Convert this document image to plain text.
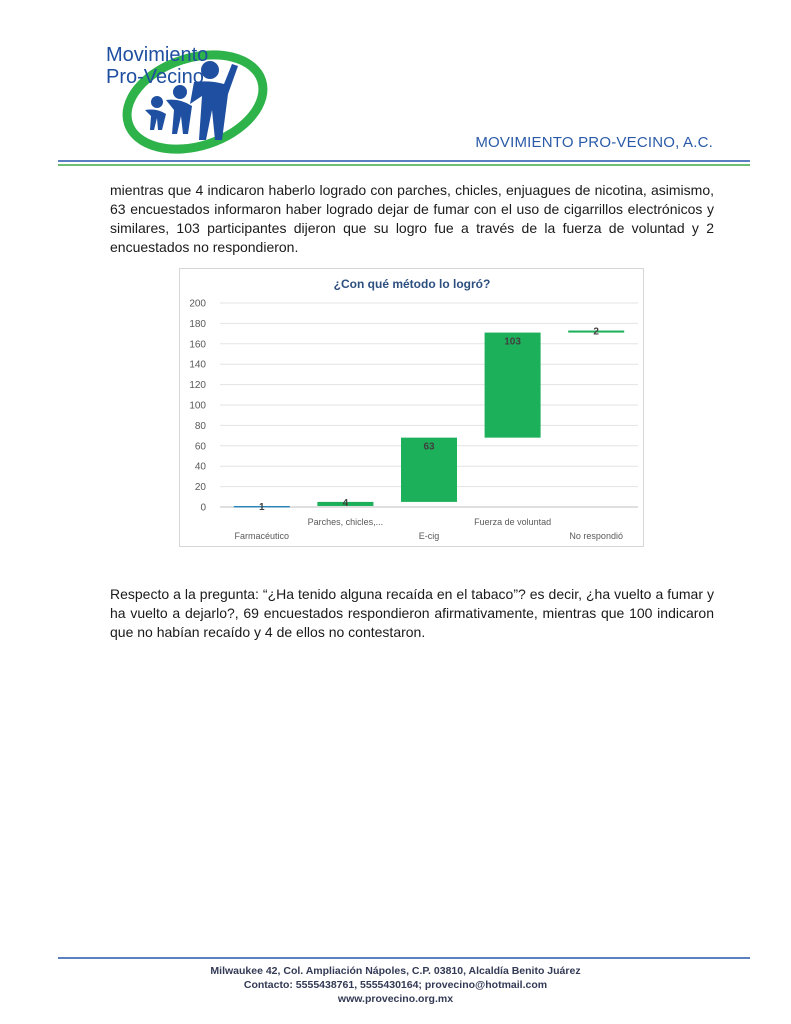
Movimiento
Pro-Vecino
MOVIMIENTO PRO-VECINO, A.C.

mientras que 4 indicaron haberlo logrado con parches, chicles, enjuagues de nicotina, asimismo, 63 encuestados informaron haber logrado dejar de fumar con el uso de cigarrillos electrónicos y similares, 103 participantes dijeron que su logro fue a través de la fuerza de voluntad y 2 encuestados no respondieron.

¿Con qué método lo logró?
0
20
40
60
80
100
120
140
160
180
200
1
Farmacéutico
4
Parches, chicles,...
63
E-cig
103
Fuerza de voluntad
2
No respondió

Respecto a la pregunta: “¿Ha tenido alguna recaída en el tabaco”? es decir, ¿ha vuelto a fumar y ha vuelto a dejarlo?, 69 encuestados respondieron afirmativamente, mientras que 100 indicaron que no habían recaído y 4 de ellos no contestaron.

Milwaukee 42, Col. Ampliación Nápoles, C.P. 03810, Alcaldía Benito Juárez
Contacto: 5555438761, 5555430164; provecino@hotmail.com
www.provecino.org.mx
